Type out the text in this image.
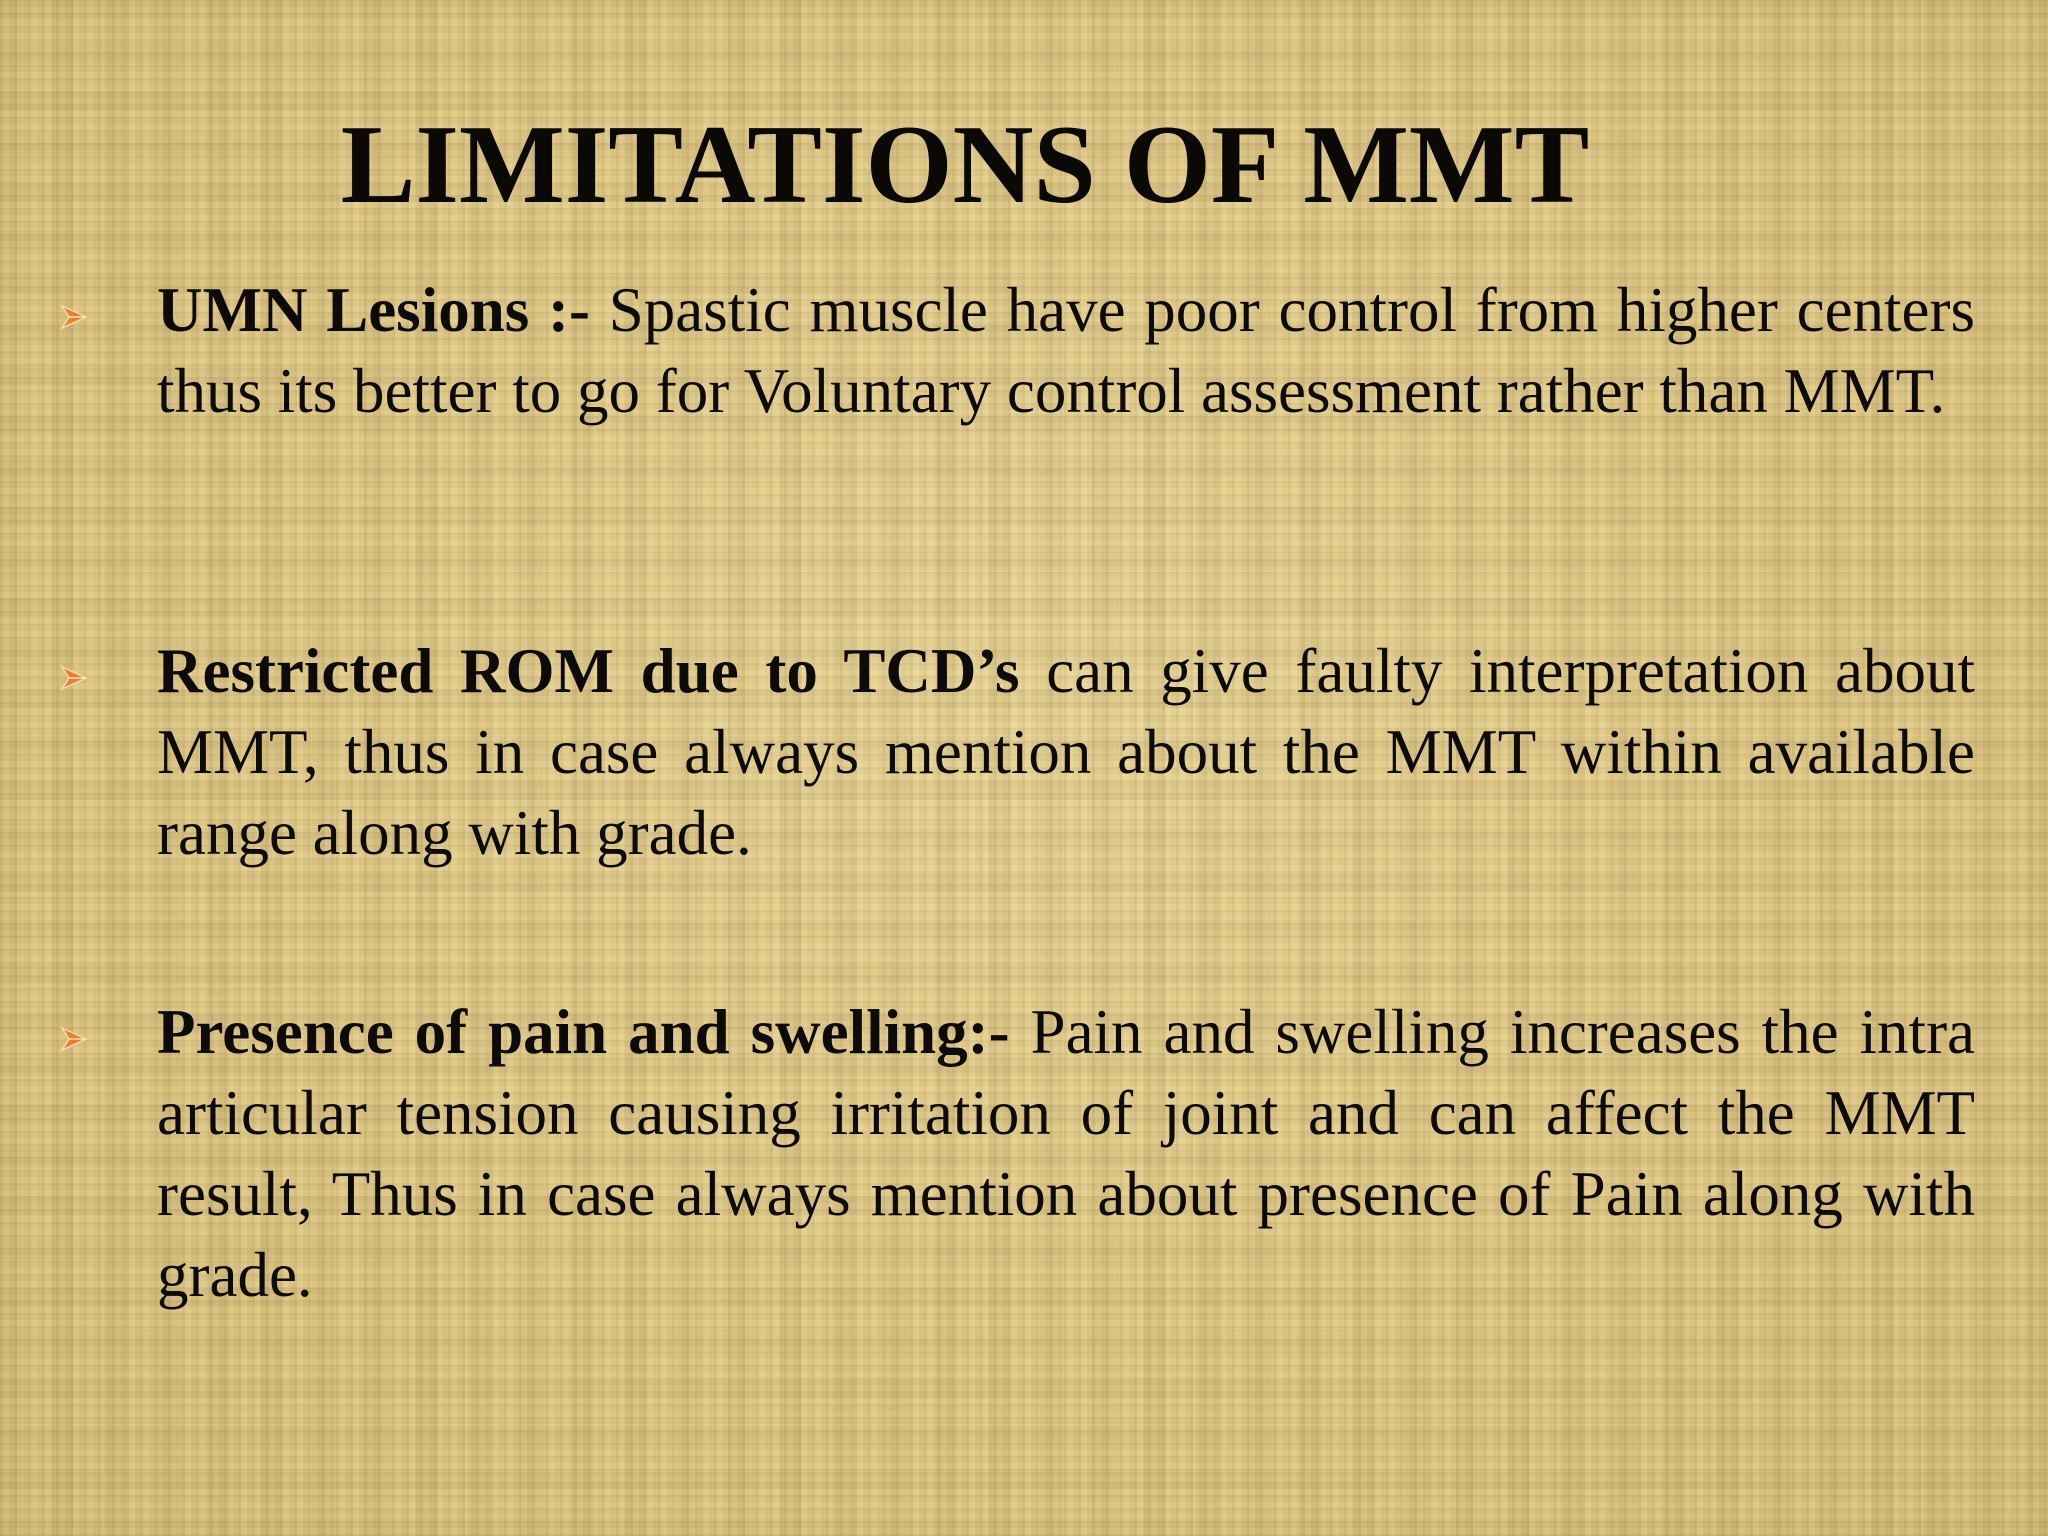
LIMITATIONS OF MMT

UMN Lesions :- Spastic muscle have poor control from higher centers thus its better to go for Voluntary control assessment rather than MMT.

Restricted ROM due to TCD’s can give faulty interpretation about MMT, thus in case always mention about the MMT within available range along with grade.

Presence of pain and swelling:- Pain and swelling increases the intra articular tension causing irritation of joint and can affect the MMT result, Thus in case always mention about presence of Pain along with grade.
